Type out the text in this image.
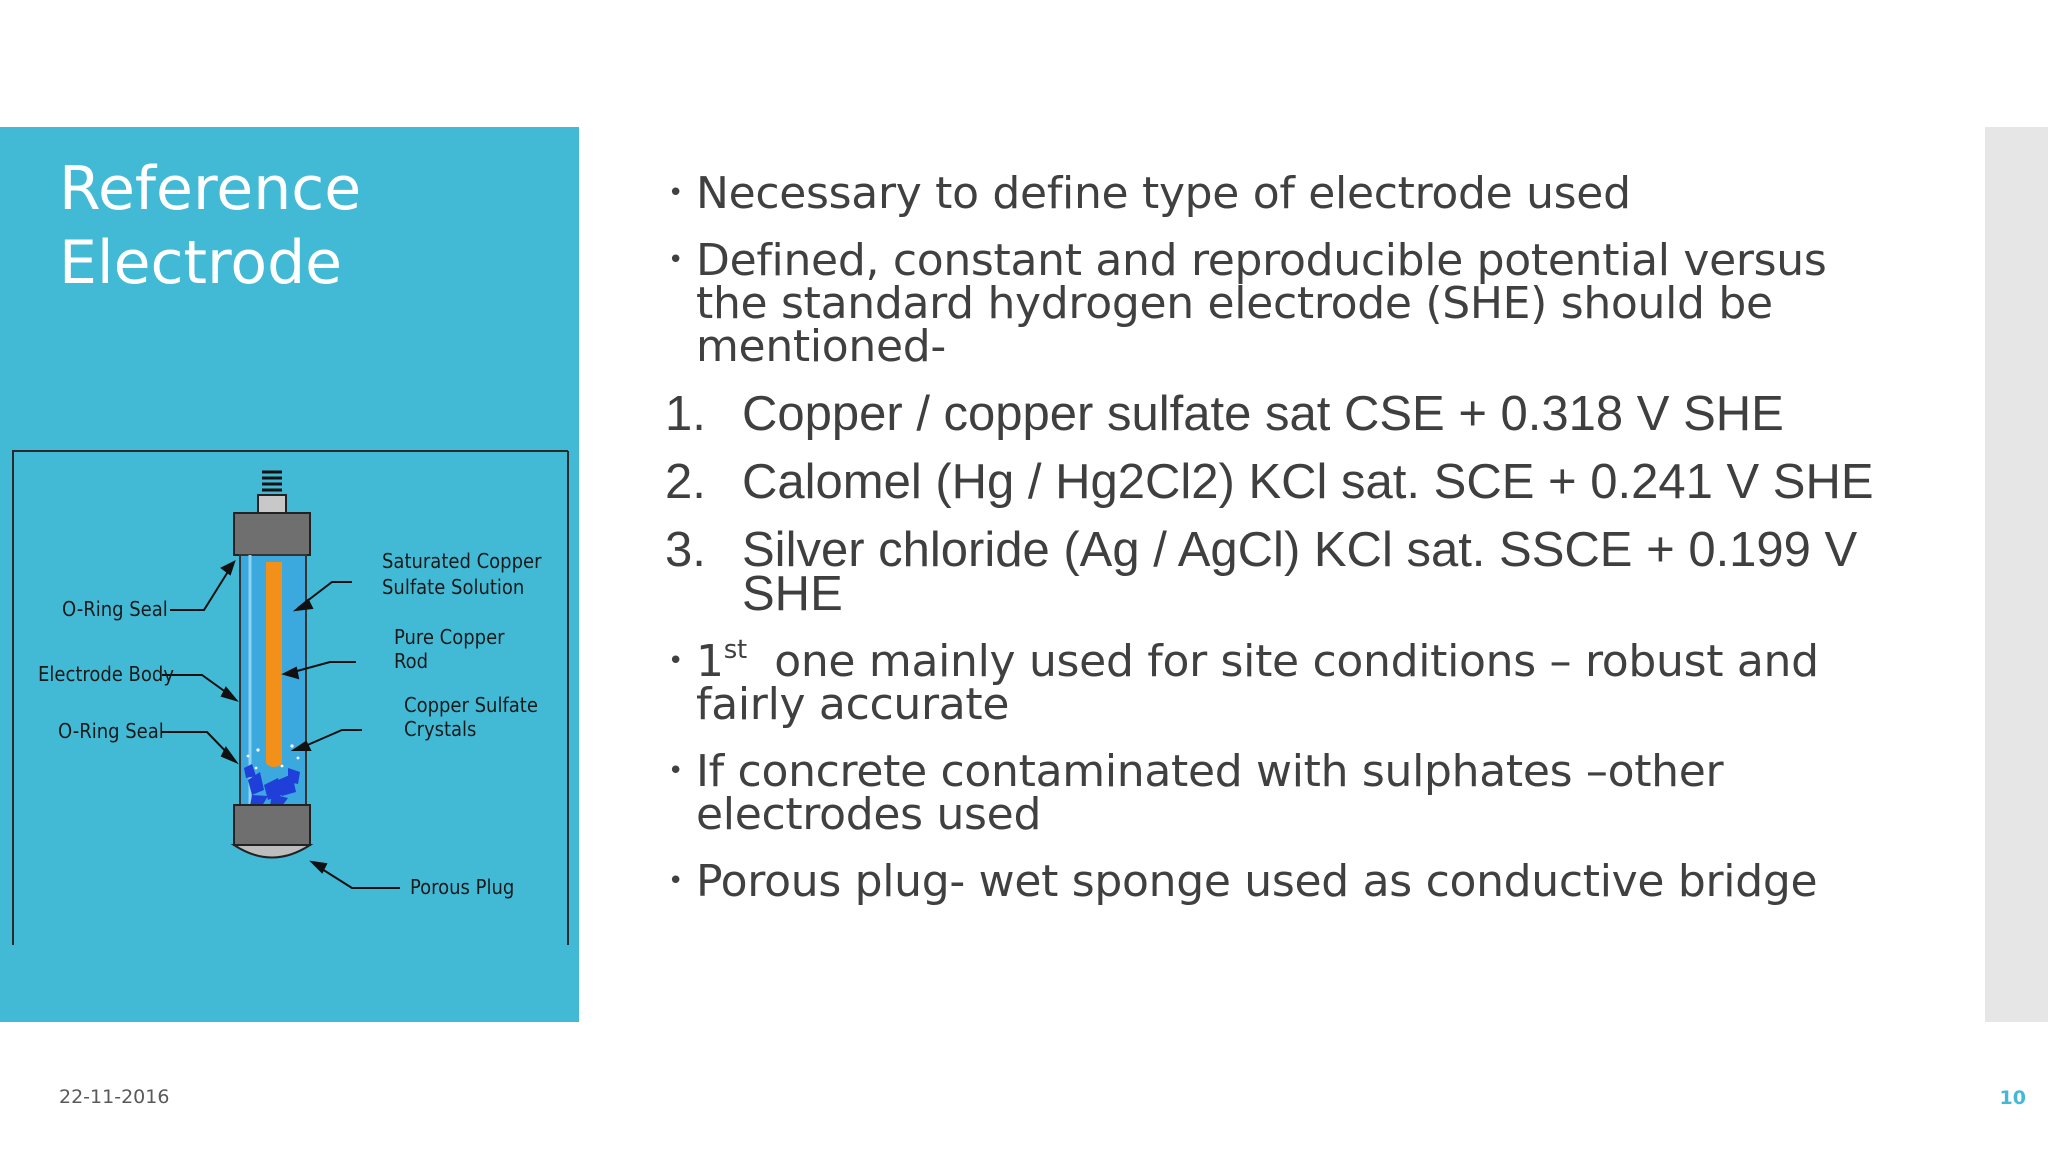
Reference
Electrode
O-Ring Seal
Electrode Body
O-Ring Seal
Saturated Copper
Sulfate Solution
Pure Copper
Rod
Copper Sulfate
Crystals
Porous Plug
• Necessary to define type of electrode used
• Defined, constant and reproducible potential versus the standard hydrogen electrode (SHE) should be mentioned-
1. Copper / copper sulfate sat CSE + 0.318 V SHE
2. Calomel (Hg / Hg2Cl2) KCl sat. SCE + 0.241 V SHE
3. Silver chloride (Ag / AgCl) KCl sat. SSCE + 0.199 V SHE
• 1st  one mainly used for site conditions – robust and fairly accurate
• If concrete contaminated with sulphates –other electrodes used
• Porous plug- wet sponge used as conductive bridge
22-11-2016	10
